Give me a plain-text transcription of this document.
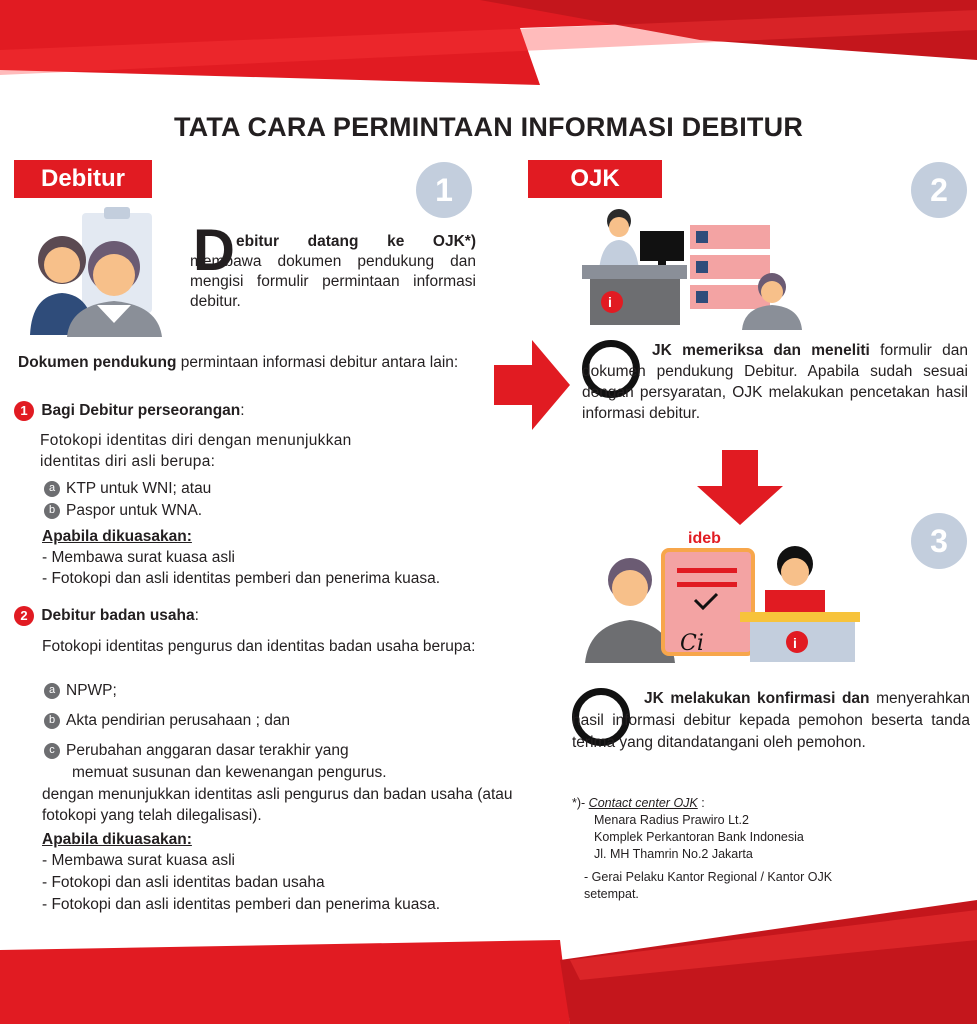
TATA CARA PERMINTAAN INFORMASI DEBITUR
Debitur	1
D ebitur datang ke OJK*) membawa dokumen pendukung dan mengisi formulir permintaan informasi debitur.
Dokumen pendukung permintaan informasi debitur antara lain:
1 Bagi Debitur perseorangan:
Fotokopi identitas diri dengan menunjukkan identitas diri asli berupa:
a KTP untuk WNI; atau
b Paspor untuk WNA.
Apabila dikuasakan:
- Membawa surat kuasa asli
- Fotokopi dan asli identitas pemberi dan penerima kuasa.
2 Debitur badan usaha:
Fotokopi identitas pengurus dan identitas badan usaha berupa:
a NPWP;
b Akta pendirian perusahaan ; dan
c Perubahan anggaran dasar terakhir yang
memuat susunan dan kewenangan pengurus.
dengan menunjukkan identitas asli pengurus dan badan usaha (atau fotokopi yang telah dilegalisasi).
Apabila dikuasakan:
- Membawa surat kuasa asli
- Fotokopi dan asli identitas badan usaha
- Fotokopi dan asli identitas pemberi dan penerima kuasa.
OJK	2
i
JK memeriksa dan meneliti formulir dan dokumen pendukung Debitur. Apabila sudah sesuai dengan persyaratan, OJK melakukan pencetakan hasil informasi debitur.
3
ideb
Ci	i
JK melakukan konfirmasi dan menyerahkan hasil informasi debitur kepada pemohon beserta tanda terima yang ditandatangani oleh pemohon.
*)- Contact center OJK :
Menara Radius Prawiro Lt.2
Komplek Perkantoran Bank Indonesia
Jl. MH Thamrin No.2 Jakarta
- Gerai Pelaku Kantor Regional / Kantor OJK setempat.
